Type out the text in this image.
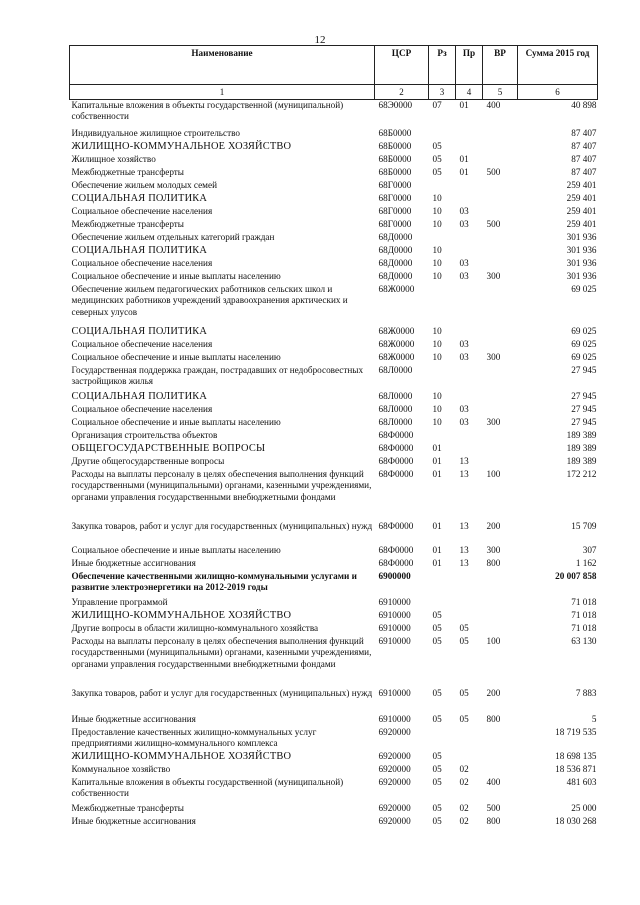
12
Наименование	ЦСР	Рз	Пр	ВР	Сумма 2015 год
1	2	3	4	5	6
Капитальные вложения в объекты государственной (муниципальной) собственности	68Э0000	07	01	400	40 898

Индивидуальное жилищное строительство	68Б0000				87 407
ЖИЛИЩНО-КОММУНАЛЬНОЕ ХОЗЯЙСТВО	68Б0000	05			87 407
Жилищное хозяйство	68Б0000	05	01		87 407
Межбюджетные трансферты	68Б0000	05	01	500	87 407
Обеспечение жильем молодых семей	68Г0000				259 401
СОЦИАЛЬНАЯ ПОЛИТИКА	68Г0000	10			259 401
Социальное обеспечение населения	68Г0000	10	03		259 401
Межбюджетные трансферты	68Г0000	10	03	500	259 401
Обеспечение жильем отдельных категорий граждан	68Д0000				301 936
СОЦИАЛЬНАЯ ПОЛИТИКА	68Д0000	10			301 936
Социальное обеспечение населения	68Д0000	10	03		301 936
Социальное обеспечение и иные выплаты населению	68Д0000	10	03	300	301 936
Обеспечение жильем педагогических работников сельских школ и медицинских работников учреждений здравоохранения арктических и северных улусов	68Ж0000				69 025

СОЦИАЛЬНАЯ ПОЛИТИКА	68Ж0000	10			69 025
Социальное обеспечение населения	68Ж0000	10	03		69 025
Социальное обеспечение и иные выплаты населению	68Ж0000	10	03	300	69 025
Государственная поддержка граждан, пострадавших от недобросовестных застройщиков жилья	68Л0000				27 945

СОЦИАЛЬНАЯ ПОЛИТИКА	68Л0000	10			27 945
Социальное обеспечение населения	68Л0000	10	03		27 945
Социальное обеспечение и иные выплаты населению	68Л0000	10	03	300	27 945
Организация строительства объектов	68Ф0000				189 389
ОБЩЕГОСУДАРСТВЕННЫЕ ВОПРОСЫ	68Ф0000	01			189 389
Другие общегосударственные вопросы	68Ф0000	01	13		189 389
Расходы на выплаты персоналу в целях обеспечения выполнения функций государственными (муниципальными) органами, казенными учреждениями, органами управления государственными внебюджетными фондами	68Ф0000	01	13	100	172 212

Закупка товаров, работ и услуг для государственных (муниципальных) нужд	68Ф0000	01	13	200	15 709
Социальное обеспечение и иные выплаты населению	68Ф0000	01	13	300	307
Иные бюджетные ассигнования	68Ф0000	01	13	800	1 162
Обеспечение качественными жилищно-коммунальными услугами и развитие электроэнергетики на 2012-2019 годы	6900000				20 007 858

Управление программой	6910000				71 018
ЖИЛИЩНО-КОММУНАЛЬНОЕ ХОЗЯЙСТВО	6910000	05			71 018
Другие вопросы в области жилищно-коммунального хозяйства	6910000	05	05		71 018
Расходы на выплаты персоналу в целях обеспечения выполнения функций государственными (муниципальными) органами, казенными учреждениями, органами управления государственными внебюджетными фондами	6910000	05	05	100	63 130

Закупка товаров, работ и услуг для государственных (муниципальных) нужд	6910000	05	05	200	7 883

Иные бюджетные ассигнования	6910000	05	05	800	5
Предоставление качественных жилищно-коммунальных услуг предприятиями жилищно-коммунального комплекса	6920000				18 719 535
ЖИЛИЩНО-КОММУНАЛЬНОЕ ХОЗЯЙСТВО	6920000	05			18 698 135
Коммунальное хозяйство	6920000	05	02		18 536 871
Капитальные вложения в объекты государственной (муниципальной) собственности	6920000	05	02	400	481 603

Межбюджетные трансферты	6920000	05	02	500	25 000
Иные бюджетные ассигнования	6920000	05	02	800	18 030 268
